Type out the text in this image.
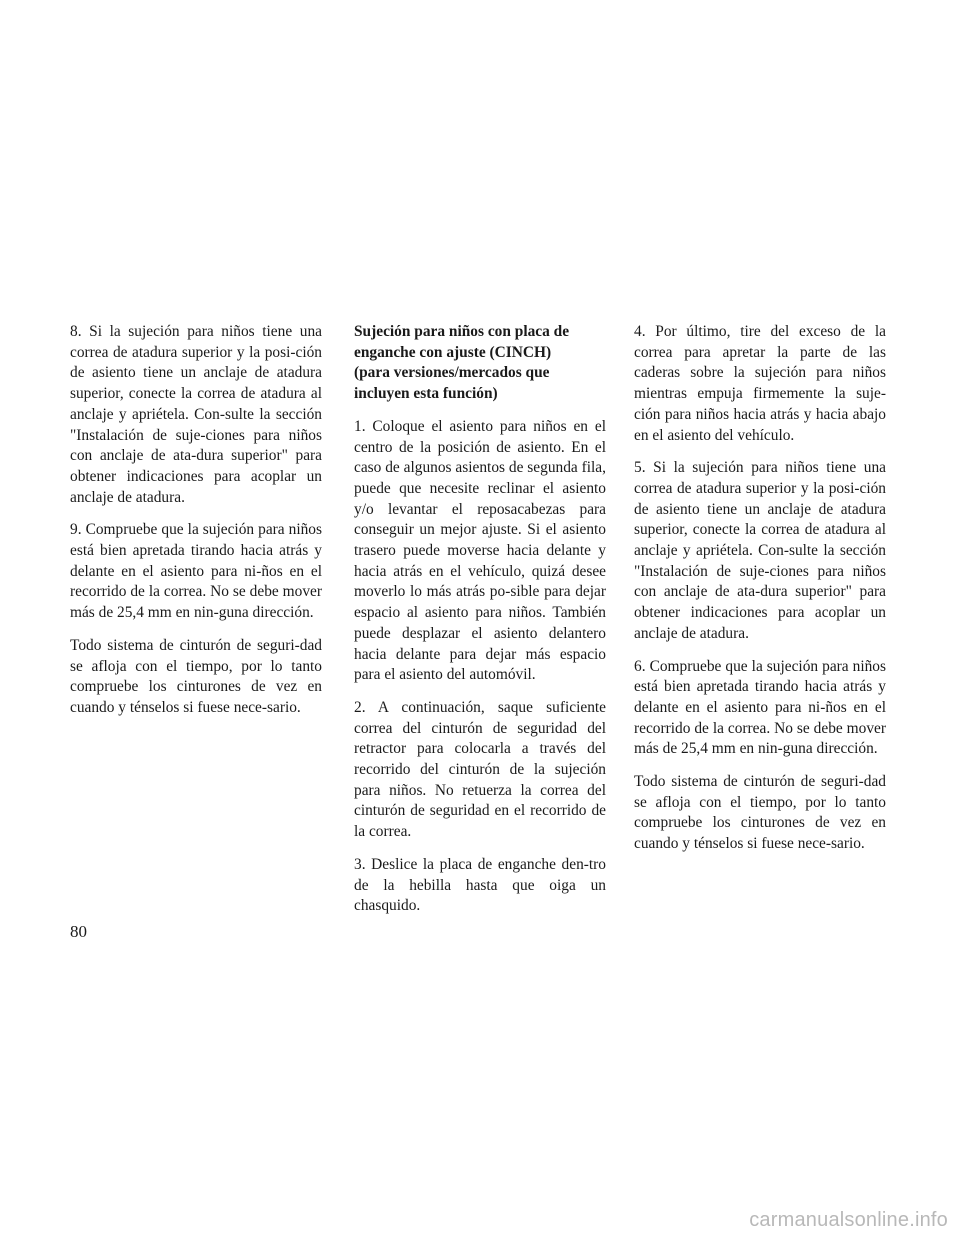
8. Si la sujeción para niños tiene una correa de atadura superior y la posi-ción de asiento tiene un anclaje de atadura superior, conecte la correa de atadura al anclaje y apriétela. Con-sulte la sección "Instalación de suje-ciones para niños con anclaje de ata-dura superior" para obtener indicaciones para acoplar un anclaje de atadura.

9. Compruebe que la sujeción para niños está bien apretada tirando hacia atrás y delante en el asiento para ni-ños en el recorrido de la correa. No se debe mover más de 25,4 mm en nin-guna dirección.

Todo sistema de cinturón de seguri-dad se afloja con el tiempo, por lo tanto compruebe los cinturones de vez en cuando y ténselos si fuese nece-sario.

Sujeción para niños con placa de
enganche con ajuste (CINCH)
(para versiones/mercados que
incluyen esta función)

1. Coloque el asiento para niños en el centro de la posición de asiento. En el caso de algunos asientos de segunda fila, puede que necesite reclinar el asiento y/o levantar el reposacabezas para conseguir un mejor ajuste. Si el asiento trasero puede moverse hacia delante y hacia atrás en el vehículo, quizá desee moverlo lo más atrás po-sible para dejar espacio al asiento para niños. También puede desplazar el asiento delantero hacia delante para dejar más espacio para el asiento del automóvil.

2. A continuación, saque suficiente correa del cinturón de seguridad del retractor para colocarla a través del recorrido del cinturón de la sujeción para niños. No retuerza la correa del cinturón de seguridad en el recorrido de la correa.

3. Deslice la placa de enganche den-tro de la hebilla hasta que oiga un chasquido.

4. Por último, tire del exceso de la correa para apretar la parte de las caderas sobre la sujeción para niños mientras empuja firmemente la suje-ción para niños hacia atrás y hacia abajo en el asiento del vehículo.

5. Si la sujeción para niños tiene una correa de atadura superior y la posi-ción de asiento tiene un anclaje de atadura superior, conecte la correa de atadura al anclaje y apriétela. Con-sulte la sección "Instalación de suje-ciones para niños con anclaje de ata-dura superior" para obtener indicaciones para acoplar un anclaje de atadura.

6. Compruebe que la sujeción para niños está bien apretada tirando hacia atrás y delante en el asiento para ni-ños en el recorrido de la correa. No se debe mover más de 25,4 mm en nin-guna dirección.

Todo sistema de cinturón de seguri-dad se afloja con el tiempo, por lo tanto compruebe los cinturones de vez en cuando y ténselos si fuese nece-sario.

80
carmanualsonline.info
